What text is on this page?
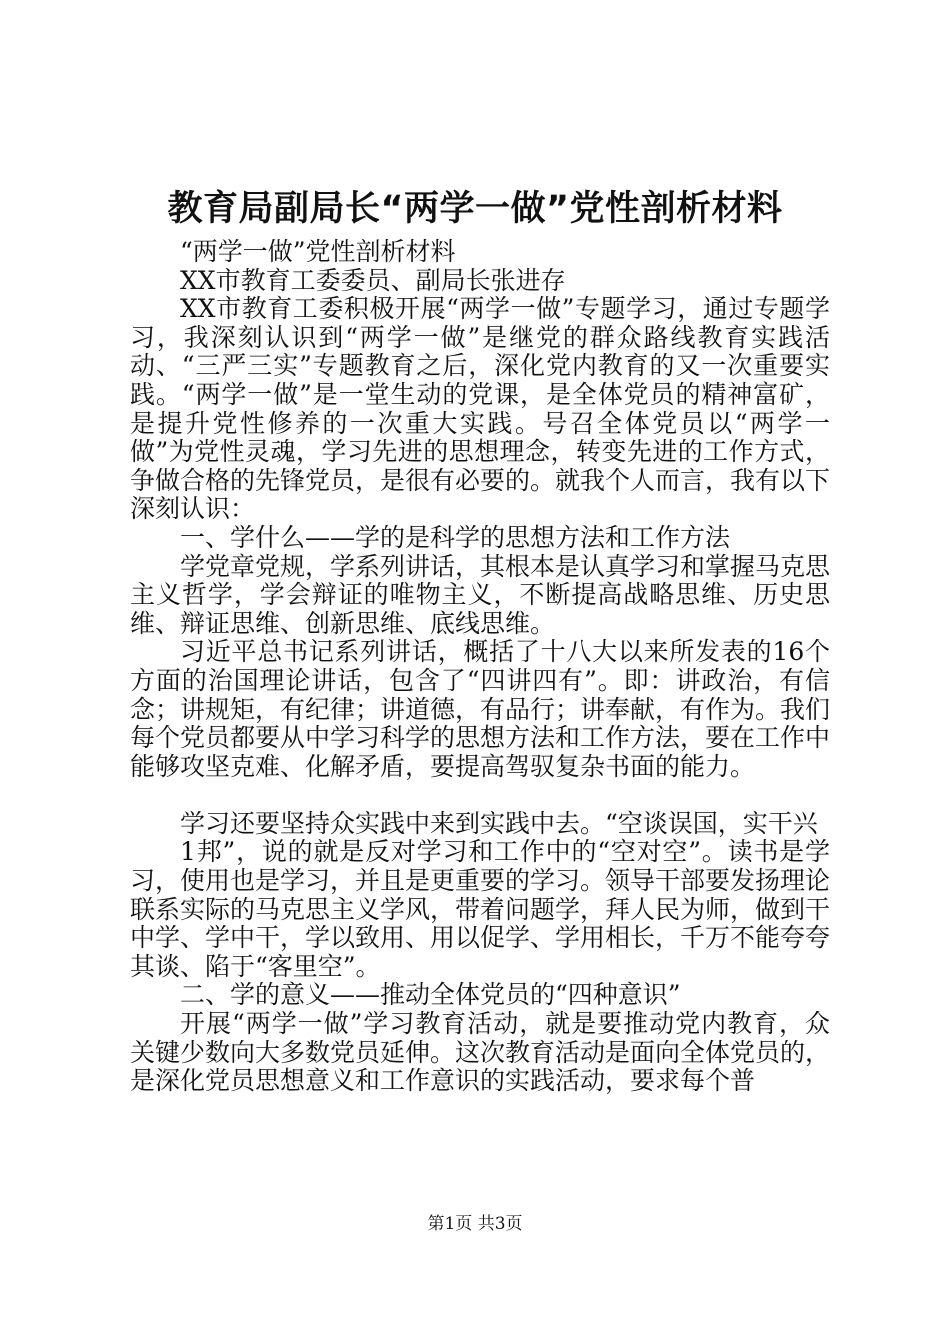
教育局副局长“两学一做”党性剖析材料

“两学一做”党性剖析材料

XX市教育工委委员、副局长张进存

XX市教育工委积极开展“两学一做”专题学习，通过专题学习，我深刻认识到“两学一做”是继党的群众路线教育实践活动、“三严三实”专题教育之后，深化党内教育的又一次重要实践。“两学一做”是一堂生动的党课，是全体党员的精神富矿，是提升党性修养的一次重大实践。号召全体党员以“两学一做”为党性灵魂，学习先进的思想理念，转变先进的工作方式，争做合格的先锋党员，是很有必要的。就我个人而言，我有以下深刻认识：

一、学什么——学的是科学的思想方法和工作方法

学党章党规，学系列讲话，其根本是认真学习和掌握马克思主义哲学，学会辩证的唯物主义，不断提高战略思维、历史思维、辩证思维、创新思维、底线思维。

习近平总书记系列讲话，概括了十八大以来所发表的16个方面的治国理论讲话，包含了“四讲四有”。即：讲政治，有信念；讲规矩，有纪律；讲道德，有品行；讲奉献，有作为。我们每个党员都要从中学习科学的思想方法和工作方法，要在工作中能够攻坚克难、化解矛盾，要提高驾驭复杂书面的能力。

学习还要坚持众实践中来到实践中去。“空谈误国，实干兴

1邦”，说的就是反对学习和工作中的“空对空”。读书是学习，使用也是学习，并且是更重要的学习。领导干部要发扬理论联系实际的马克思主义学风，带着问题学，拜人民为师，做到干中学、学中干，学以致用、用以促学、学用相长，千万不能夸夸其谈、陷于“客里空”。

二、学的意义——推动全体党员的“四种意识”

开展“两学一做”学习教育活动，就是要推动党内教育，众关键少数向大多数党员延伸。这次教育活动是面向全体党员的，是深化党员思想意义和工作意识的实践活动，要求每个普

第1页 共3页
